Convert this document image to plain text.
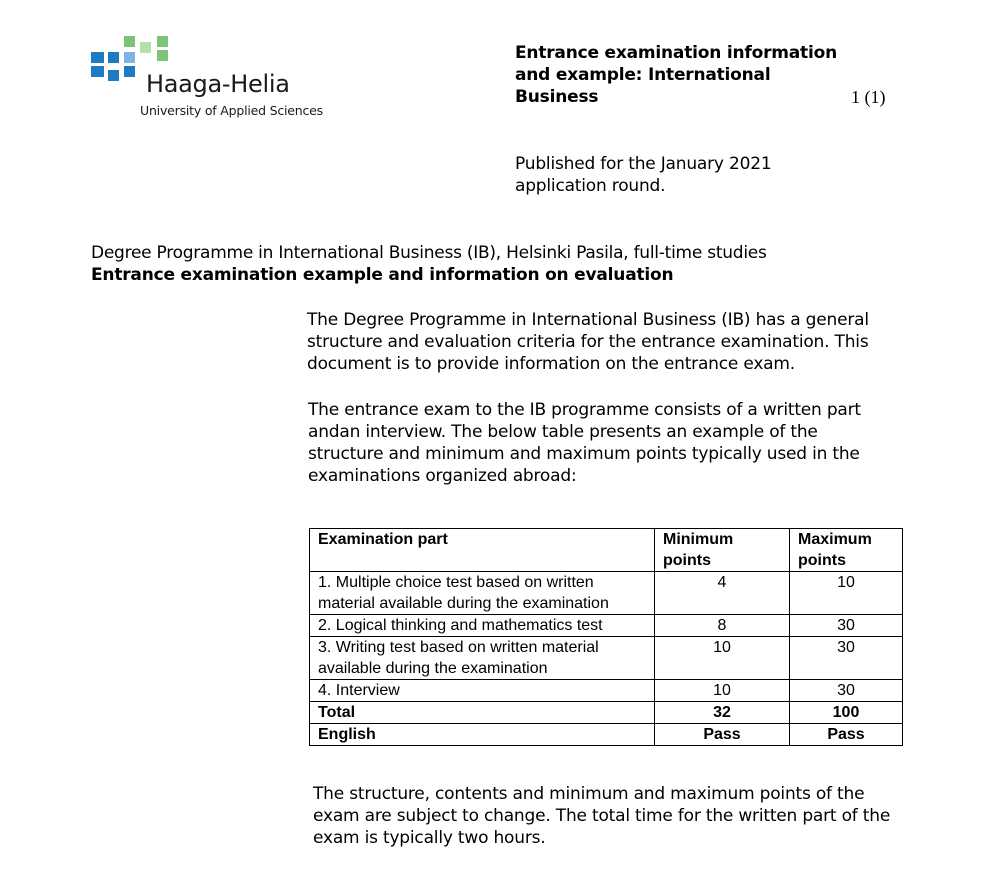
Haaga-Helia
University of Applied Sciences
Entrance examination information and example: International Business	1 (1)
Published for the January 2021 application round.
Degree Programme in International Business (IB), Helsinki Pasila, full-time studies
Entrance examination example and information on evaluation
The Degree Programme in International Business (IB) has a general structure and evaluation criteria for the entrance examination. This document is to provide information on the entrance exam.
The entrance exam to the IB programme consists of a written part andan interview. The below table presents an example of the structure and minimum and maximum points typically used in the examinations organized abroad:
Examination part	Minimum points	Maximum points
1. Multiple choice test based on written material available during the examination	4	10
2. Logical thinking and mathematics test	8	30
3. Writing test based on written material available during the examination	10	30
4. Interview	10	30
Total	32	100
English	Pass	Pass
The structure, contents and minimum and maximum points of the exam are subject to change. The total time for the written part of the exam is typically two hours.
